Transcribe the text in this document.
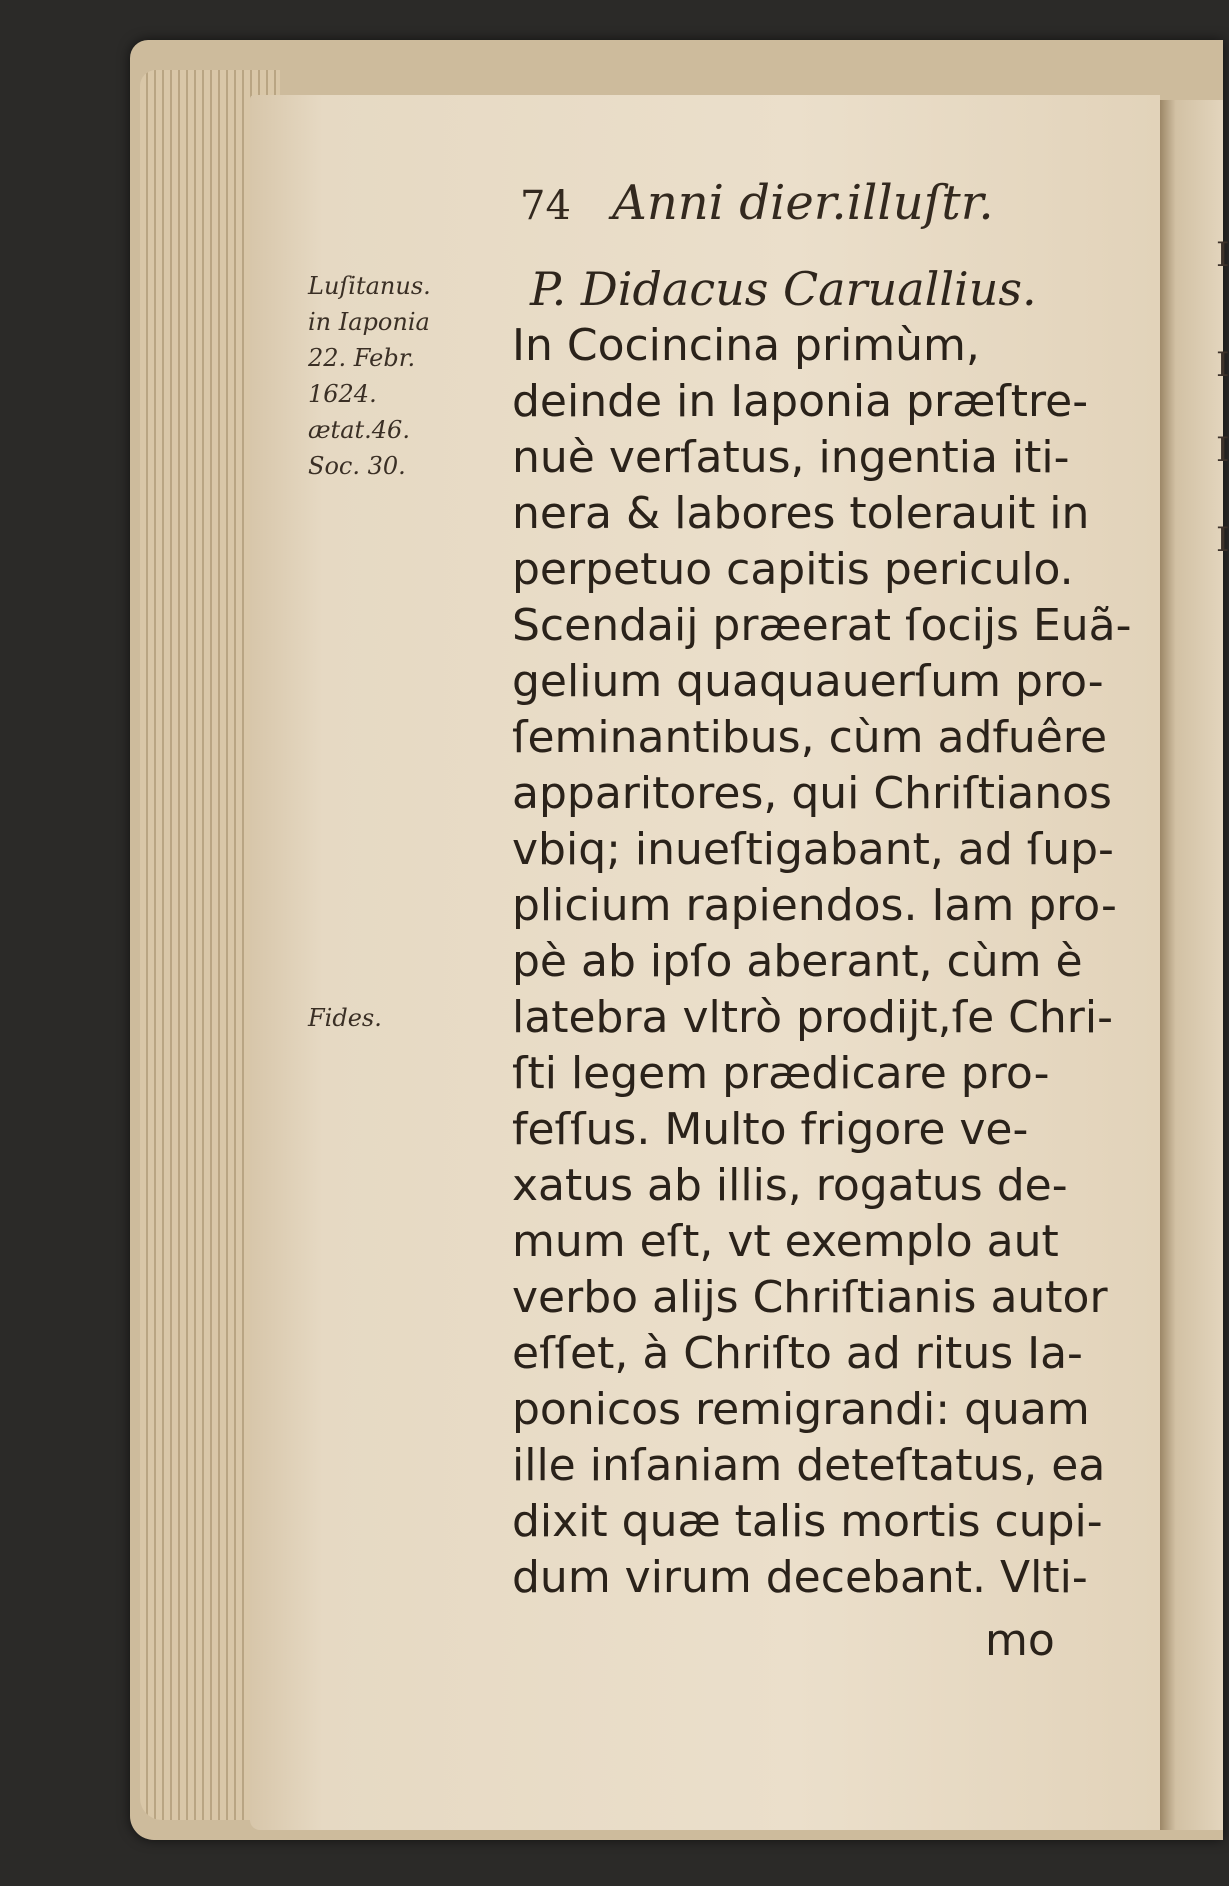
I
I
I
I
74 Anni dier.illuſtr.
Luſitanus.
in Iaponia
22. Febr.
1624.
ætat.46.
Soc. 30.
Fides.
P. Didacus Caruallius.
In Cocincina primùm,
deinde in Iaponia præſtre-
nuè verſatus, ingentia iti-
nera & labores tolerauit in
perpetuo capitis periculo.
Scendaij præerat ſocijs Euã-
gelium quaquauerſum pro-
ſeminantibus, cùm adfuêre
apparitores, qui Chriſtianos
vbiq; inueſtigabant, ad ſup-
plicium rapiendos. Iam pro-
pè ab ipſo aberant, cùm è
latebra vltrò prodijt,ſe Chri-
ſti legem prædicare pro-
feſſus. Multo frigore ve-
xatus ab illis, rogatus de-
mum eſt, vt exemplo aut
verbo alijs Chriſtianis autor
eſſet, à Chriſto ad ritus Ia-
ponicos remigrandi: quam
ille inſaniam deteſtatus, ea
dixit quæ talis mortis cupi-
dum virum decebant. Vlti-
mo
